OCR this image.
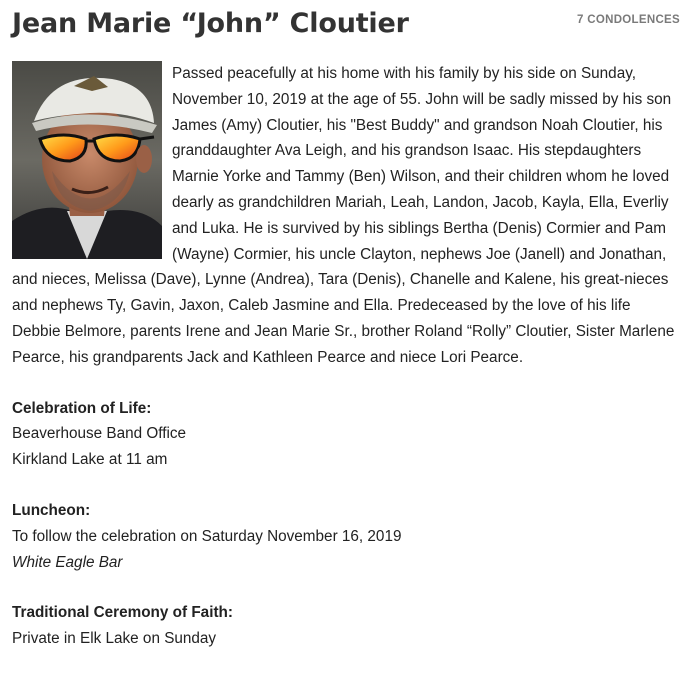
Jean Marie “John” Cloutier	7 CONDOLENCES

Passed peacefully at his home with his family by his side on Sunday, November 10, 2019 at the age of 55. John will be sadly missed by his son James (Amy) Cloutier, his "Best Buddy" and grandson Noah Cloutier, his granddaughter Ava Leigh, and his grandson Isaac. His stepdaughters Marnie Yorke and Tammy (Ben) Wilson, and their children whom he loved dearly as grandchildren Mariah, Leah, Landon, Jacob, Kayla, Ella, Everliy and Luka. He is survived by his siblings Bertha (Denis) Cormier and Pam (Wayne) Cormier, his uncle Clayton, nephews Joe (Janell) and Jonathan, and nieces, Melissa (Dave), Lynne (Andrea), Tara (Denis), Chanelle and Kalene, his great-nieces and nephews Ty, Gavin, Jaxon, Caleb Jasmine and Ella. Predeceased by the love of his life Debbie Belmore, parents Irene and Jean Marie Sr., brother Roland “Rolly” Cloutier, Sister Marlene Pearce, his grandparents Jack and Kathleen Pearce and niece Lori Pearce.

Celebration of Life:
Beaverhouse Band Office
Kirkland Lake at 11 am
Luncheon:
To follow the celebration on Saturday November 16, 2019
White Eagle Bar
Traditional Ceremony of Faith:
Private in Elk Lake on Sunday
